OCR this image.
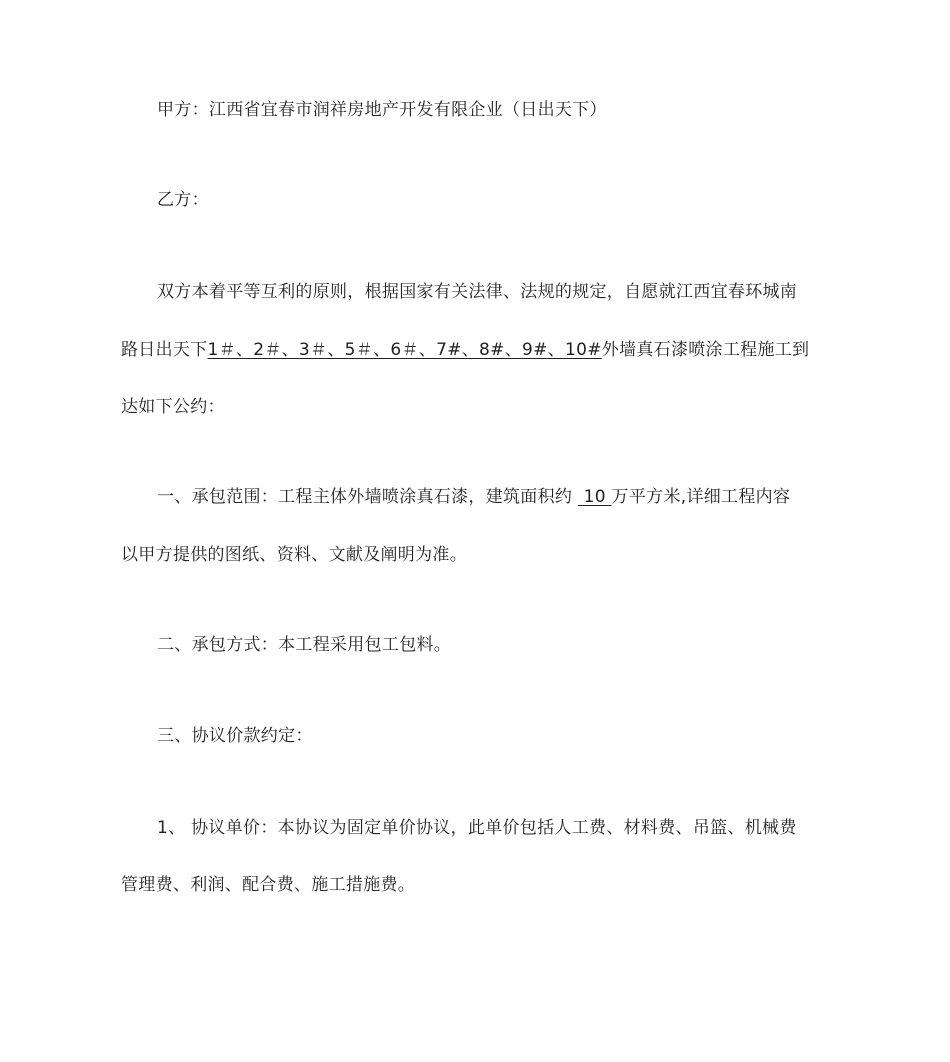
甲方：江西省宜春市润祥房地产开发有限企业（日出天下）
乙方：
双方本着平等互利的原则，根据国家有关法律、法规的规定，自愿就江西宜春环城南
路日出天下1＃、2＃、3＃、5＃、6＃、7#、8#、9#、10#外墙真石漆喷涂工程施工到
达如下公约：
一、承包范围：工程主体外墙喷涂真石漆，建筑面积约  10 万平方米,详细工程内容
以甲方提供的图纸、资料、文献及阐明为准。
二、承包方式：本工程采用包工包料。
三、协议价款约定：
1、 协议单价：本协议为固定单价协议，此单价包括人工费、材料费、吊篮、机械费
管理费、利润、配合费、施工措施费。
